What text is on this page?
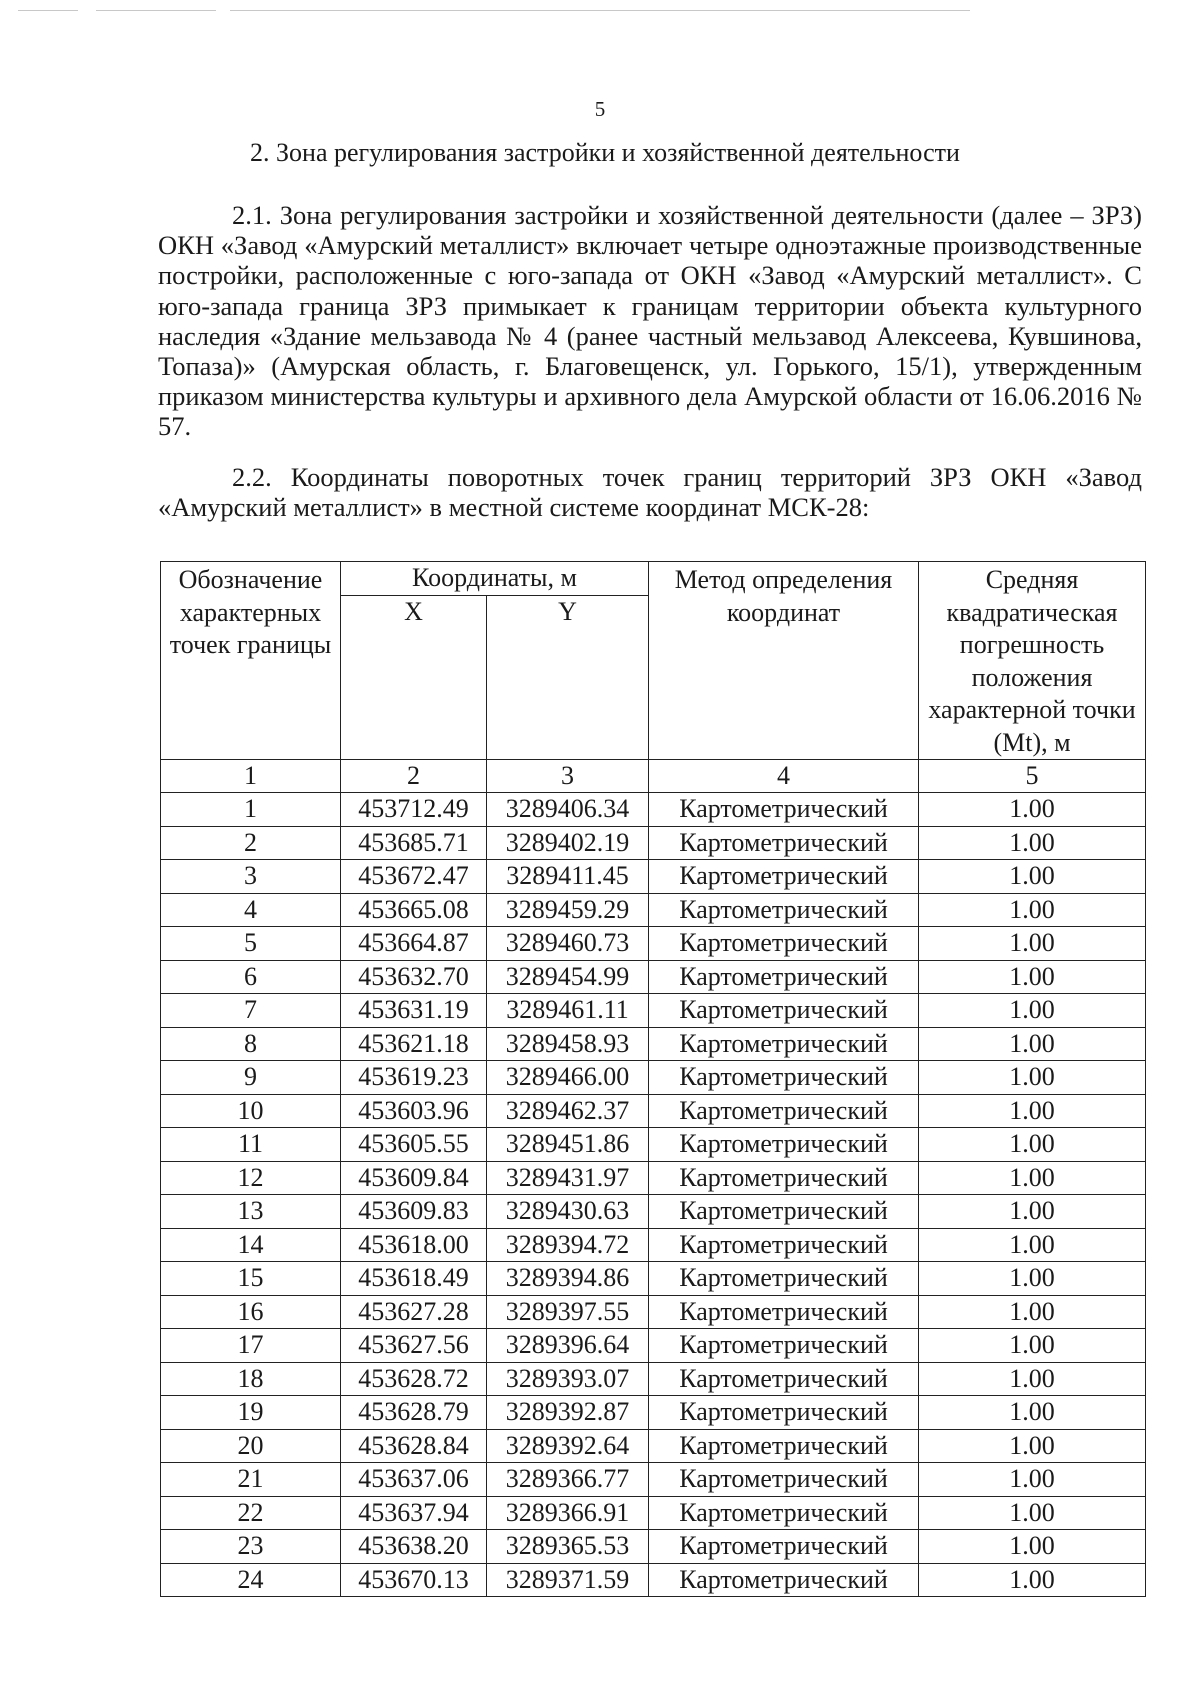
5
2. Зона регулирования застройки и хозяйственной деятельности
2.1. Зона регулирования застройки и хозяйственной деятельности (далее – ЗРЗ) ОКН «Завод «Амурский металлист» включает четыре одноэтажные производственные постройки, расположенные с юго-запада от ОКН «Завод «Амурский металлист». С юго-запада граница ЗРЗ примыкает к границам территории объекта культурного наследия «Здание мельзавода № 4 (ранее частный мельзавод Алексеева, Кувшинова, Топаза)» (Амурская область, г. Благовещенск, ул. Горького, 15/1), утвержденным приказом министерства культуры и архивного дела Амурской области от 16.06.2016 № 57.
2.2. Координаты поворотных точек границ территорий ЗРЗ ОКН «Завод «Амурский металлист» в местной системе координат МСК-28:
Обозначение характерных точек границы	Координаты, м		Метод определения координат	Средняя квадратическая погрешность положения характерной точки (Mt), м
	X	Y		
1	2	3	4	5
1	453712.49	3289406.34	Картометрический	1.00
2	453685.71	3289402.19	Картометрический	1.00
3	453672.47	3289411.45	Картометрический	1.00
4	453665.08	3289459.29	Картометрический	1.00
5	453664.87	3289460.73	Картометрический	1.00
6	453632.70	3289454.99	Картометрический	1.00
7	453631.19	3289461.11	Картометрический	1.00
8	453621.18	3289458.93	Картометрический	1.00
9	453619.23	3289466.00	Картометрический	1.00
10	453603.96	3289462.37	Картометрический	1.00
11	453605.55	3289451.86	Картометрический	1.00
12	453609.84	3289431.97	Картометрический	1.00
13	453609.83	3289430.63	Картометрический	1.00
14	453618.00	3289394.72	Картометрический	1.00
15	453618.49	3289394.86	Картометрический	1.00
16	453627.28	3289397.55	Картометрический	1.00
17	453627.56	3289396.64	Картометрический	1.00
18	453628.72	3289393.07	Картометрический	1.00
19	453628.79	3289392.87	Картометрический	1.00
20	453628.84	3289392.64	Картометрический	1.00
21	453637.06	3289366.77	Картометрический	1.00
22	453637.94	3289366.91	Картометрический	1.00
23	453638.20	3289365.53	Картометрический	1.00
24	453670.13	3289371.59	Картометрический	1.00
